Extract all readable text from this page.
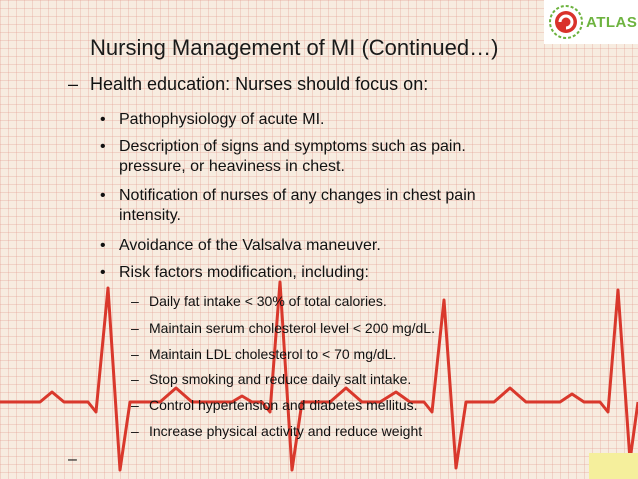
ATLAS
Nursing Management of MI (Continued…)
– Health education: Nurses should focus on:
• Pathophysiology of acute MI.
• Description of signs and symptoms such as pain.
pressure, or heaviness in chest.
• Notification of nurses of any changes in chest pain
intensity.
• Avoidance of the Valsalva maneuver.
• Risk factors modification, including:
– Daily fat intake < 30% of total calories.
– Maintain serum cholesterol level < 200 mg/dL.
– Maintain LDL cholesterol to < 70 mg/dL.
– Stop smoking and reduce daily salt intake.
– Control hypertension and diabetes mellitus.
– Increase physical activity and reduce weight
–
